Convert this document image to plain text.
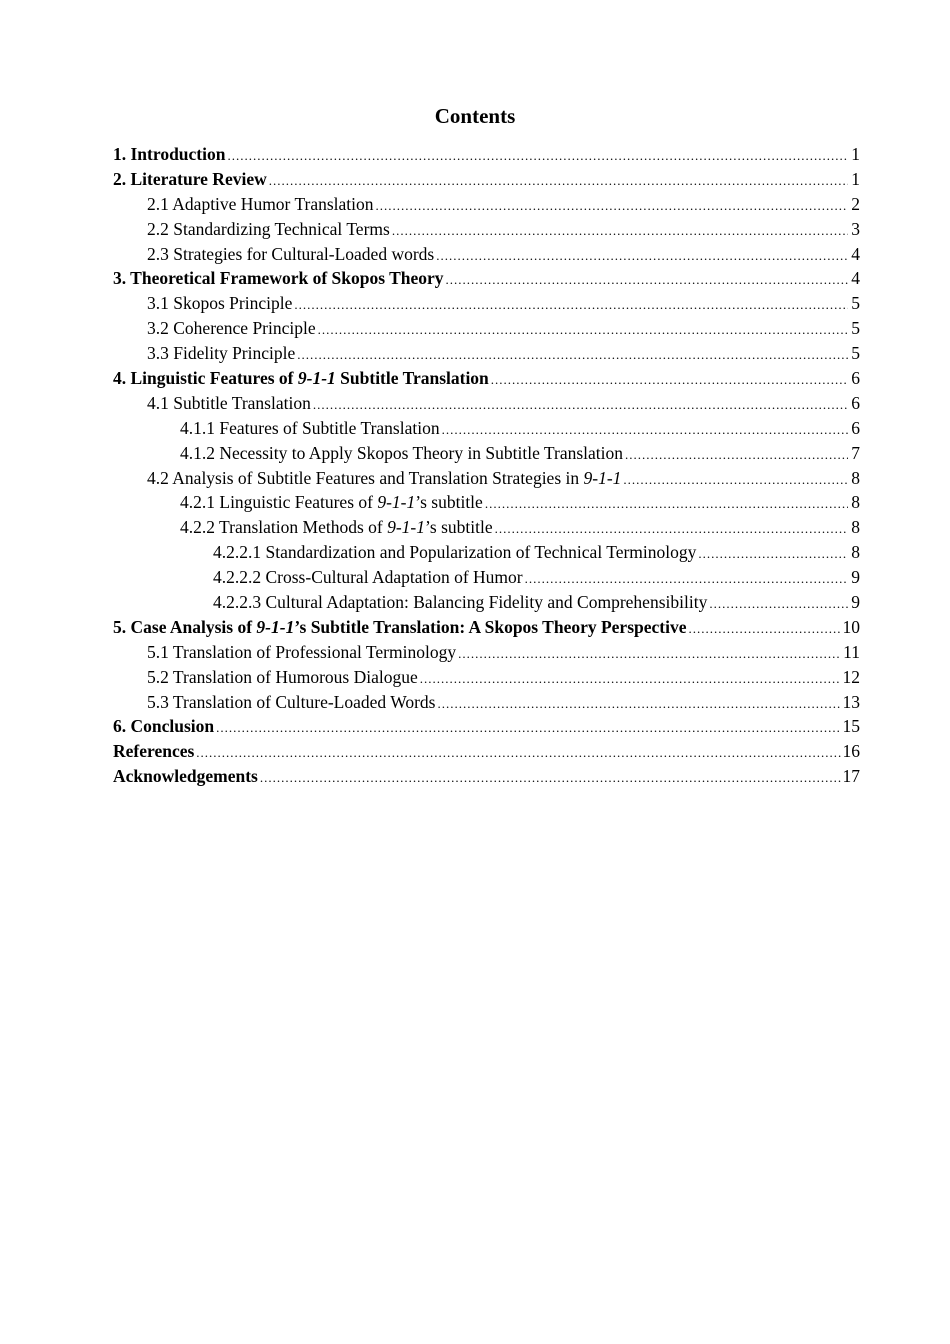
Contents
1. Introduction .....	1
2. Literature Review .....	1
2.1 Adaptive Humor Translation .....	2
2.2 Standardizing Technical Terms .....	3
2.3 Strategies for Cultural-Loaded words .....	4
3. Theoretical Framework of Skopos Theory .....	4
3.1 Skopos Principle .....	5
3.2 Coherence Principle .....	5
3.3 Fidelity Principle .....	5
4. Linguistic Features of 9-1-1 Subtitle Translation .....	6
4.1 Subtitle Translation .....	6
4.1.1 Features of Subtitle Translation .....	6
4.1.2 Necessity to Apply Skopos Theory in Subtitle Translation .....	7
4.2 Analysis of Subtitle Features and Translation Strategies in 9-1-1 .....	8
4.2.1 Linguistic Features of 9-1-1’s subtitle .....	8
4.2.2 Translation Methods of 9-1-1’s subtitle .....	8
4.2.2.1 Standardization and Popularization of Technical Terminology .....	8
4.2.2.2 Cross-Cultural Adaptation of Humor .....	9
4.2.2.3 Cultural Adaptation: Balancing Fidelity and Comprehensibility .....	9
5. Case Analysis of 9-1-1’s Subtitle Translation: A Skopos Theory Perspective .....	10
5.1 Translation of Professional Terminology .....	11
5.2 Translation of Humorous Dialogue .....	12
5.3 Translation of Culture-Loaded Words .....	13
6. Conclusion .....	15
References .....	16
Acknowledgements .....	17
